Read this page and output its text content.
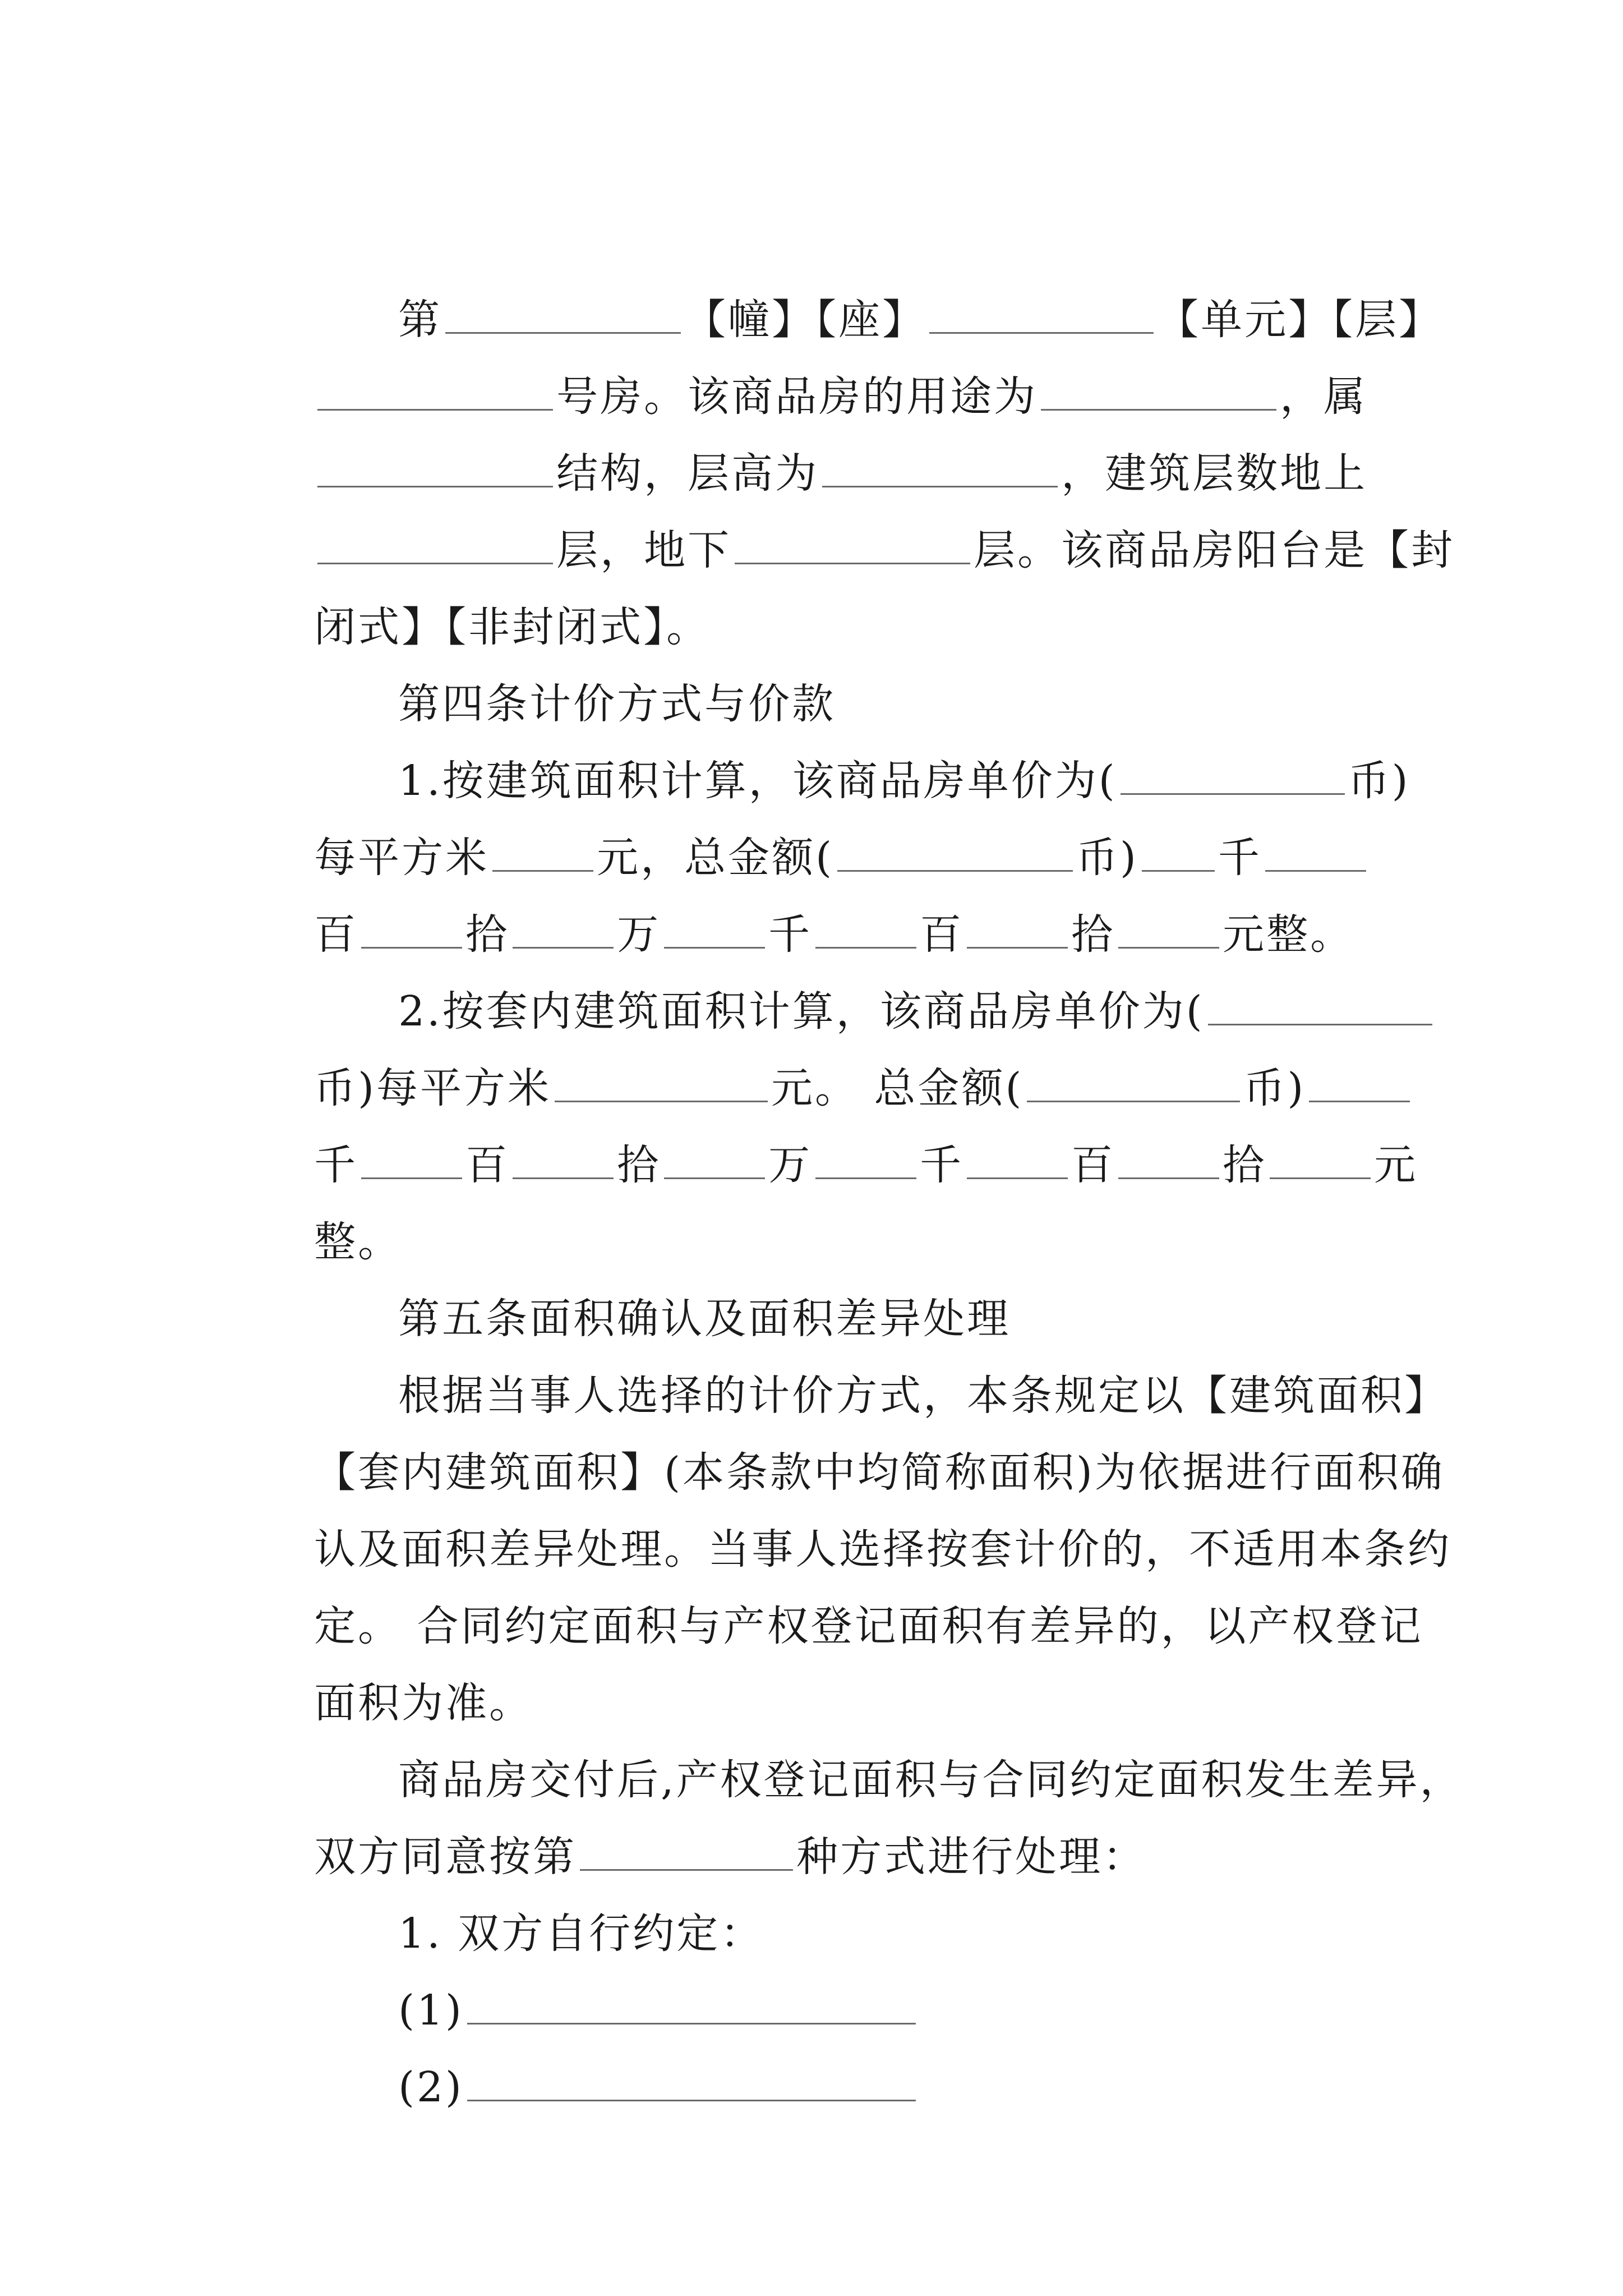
第	【幢】【座】	【单元】【层】

号房。该商品房的用途为	，属

结构，层高为	，建筑层数地上

层，地下	层。该商品房阳台是【封

闭式】【非封闭式】。

第四条计价方式与价款

1.按建筑面积计算，该商品房单价为(	币)

每平方米	元，总金额(	币) 千

百	拾	万	千	百	拾	元整。

2.按套内建筑面积计算，该商品房单价为(

币)每平方米	元。 总金额(	币)

千	百	拾	万	千	百	拾	元

整。

第五条面积确认及面积差异处理

根据当事人选择的计价方式，本条规定以【建筑面积】

【套内建筑面积】(本条款中均简称面积)为依据进行面积确

认及面积差异处理。当事人选择按套计价的，不适用本条约

定。 合同约定面积与产权登记面积有差异的，以产权登记

面积为准。

商品房交付后,产权登记面积与合同约定面积发生差异，

双方同意按第	种方式进行处理：

1. 双方自行约定：

(1)

(2)
